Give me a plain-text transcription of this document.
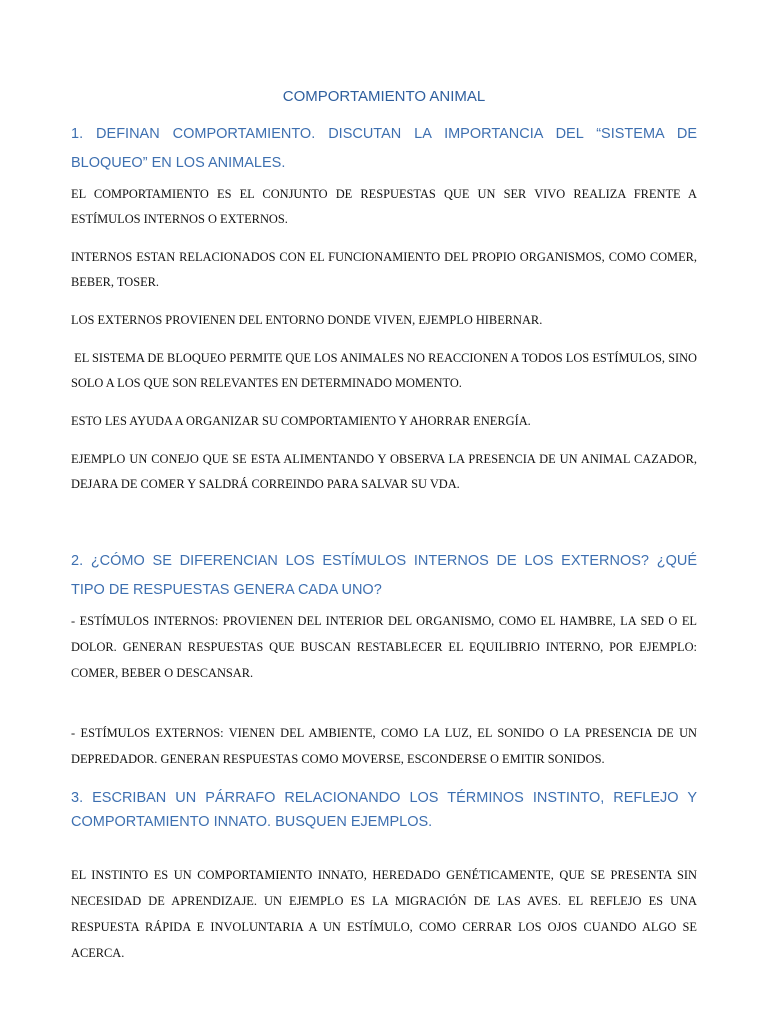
COMPORTAMIENTO ANIMAL

1. DEFINAN COMPORTAMIENTO. DISCUTAN LA IMPORTANCIA DEL “SISTEMA DE BLOQUEO” EN LOS ANIMALES.

EL COMPORTAMIENTO ES EL CONJUNTO DE RESPUESTAS QUE UN SER VIVO REALIZA FRENTE A ESTÍMULOS INTERNOS O EXTERNOS.

INTERNOS ESTAN RELACIONADOS CON EL FUNCIONAMIENTO DEL PROPIO ORGANISMOS, COMO COMER, BEBER, TOSER.

LOS EXTERNOS PROVIENEN DEL ENTORNO DONDE VIVEN, EJEMPLO HIBERNAR.

EL SISTEMA DE BLOQUEO PERMITE QUE LOS ANIMALES NO REACCIONEN A TODOS LOS ESTÍMULOS, SINO SOLO A LOS QUE SON RELEVANTES EN DETERMINADO MOMENTO.

ESTO LES AYUDA A ORGANIZAR SU COMPORTAMIENTO Y AHORRAR ENERGÍA.

EJEMPLO UN CONEJO QUE SE ESTA ALIMENTANDO Y OBSERVA LA PRESENCIA DE UN ANIMAL CAZADOR, DEJARA DE COMER Y SALDRÁ CORREINDO PARA SALVAR SU VDA.

2. ¿CÓMO SE DIFERENCIAN LOS ESTÍMULOS INTERNOS DE LOS EXTERNOS? ¿QUÉ TIPO DE RESPUESTAS GENERA CADA UNO?

- ESTÍMULOS INTERNOS: PROVIENEN DEL INTERIOR DEL ORGANISMO, COMO EL HAMBRE, LA SED O EL DOLOR. GENERAN RESPUESTAS QUE BUSCAN RESTABLECER EL EQUILIBRIO INTERNO, POR EJEMPLO: COMER, BEBER O DESCANSAR.

- ESTÍMULOS EXTERNOS: VIENEN DEL AMBIENTE, COMO LA LUZ, EL SONIDO O LA PRESENCIA DE UN DEPREDADOR. GENERAN RESPUESTAS COMO MOVERSE, ESCONDERSE O EMITIR SONIDOS.

3. ESCRIBAN UN PÁRRAFO RELACIONANDO LOS TÉRMINOS INSTINTO, REFLEJO Y COMPORTAMIENTO INNATO. BUSQUEN EJEMPLOS.

EL INSTINTO ES UN COMPORTAMIENTO INNATO, HEREDADO GENÉTICAMENTE, QUE SE PRESENTA SIN NECESIDAD DE APRENDIZAJE. UN EJEMPLO ES LA MIGRACIÓN DE LAS AVES. EL REFLEJO ES UNA RESPUESTA RÁPIDA E INVOLUNTARIA A UN ESTÍMULO, COMO CERRAR LOS OJOS CUANDO ALGO SE ACERCA.
